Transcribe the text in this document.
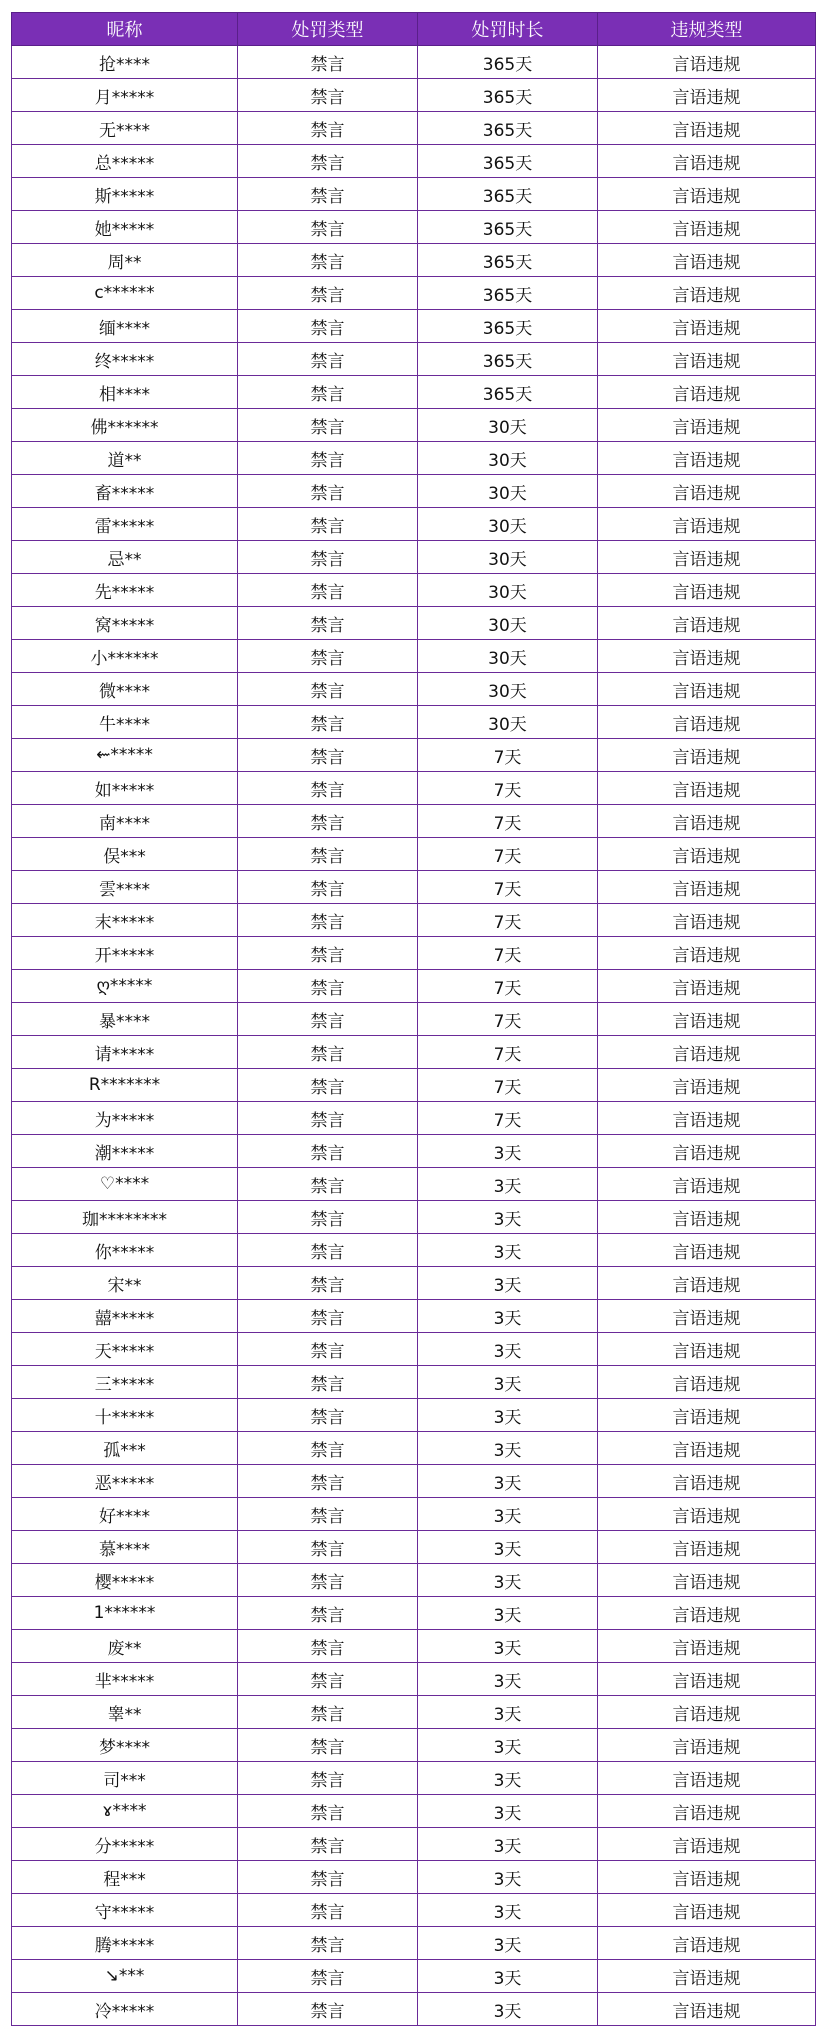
昵称	处罚类型	处罚时长	违规类型
抢****	禁言	365天	言语违规
月*****	禁言	365天	言语违规
无****	禁言	365天	言语违规
总*****	禁言	365天	言语违规
斯*****	禁言	365天	言语违规
她*****	禁言	365天	言语违规
周**	禁言	365天	言语违规
c******	禁言	365天	言语违规
缅****	禁言	365天	言语违规
终*****	禁言	365天	言语违规
相****	禁言	365天	言语违规
佛******	禁言	30天	言语违规
道**	禁言	30天	言语违规
畜*****	禁言	30天	言语违规
雷*****	禁言	30天	言语违规
忌**	禁言	30天	言语违规
先*****	禁言	30天	言语违规
窝*****	禁言	30天	言语违规
小******	禁言	30天	言语违规
微****	禁言	30天	言语违规
牛****	禁言	30天	言语违规
⇜*****	禁言	7天	言语违规
如*****	禁言	7天	言语违规
南****	禁言	7天	言语违规
俣***	禁言	7天	言语违规
雲****	禁言	7天	言语违规
末*****	禁言	7天	言语违规
开*****	禁言	7天	言语违规
ღ*****	禁言	7天	言语违规
暴****	禁言	7天	言语违规
请*****	禁言	7天	言语违规
R*******	禁言	7天	言语违规
为*****	禁言	7天	言语违规
潮*****	禁言	3天	言语违规
♡****	禁言	3天	言语违规
珈********	禁言	3天	言语违规
你*****	禁言	3天	言语违规
宋**	禁言	3天	言语违规
囍*****	禁言	3天	言语违规
天*****	禁言	3天	言语违规
三*****	禁言	3天	言语违规
十*****	禁言	3天	言语违规
孤***	禁言	3天	言语违规
恶*****	禁言	3天	言语违规
好****	禁言	3天	言语违规
慕****	禁言	3天	言语违规
樱*****	禁言	3天	言语违规
1******	禁言	3天	言语违规
废**	禁言	3天	言语违规
芈*****	禁言	3天	言语违规
睾**	禁言	3天	言语违规
梦****	禁言	3天	言语违规
司***	禁言	3天	言语违规
ɤ****	禁言	3天	言语违规
分*****	禁言	3天	言语违规
程***	禁言	3天	言语违规
守*****	禁言	3天	言语违规
腾*****	禁言	3天	言语违规
↘***	禁言	3天	言语违规
冷*****	禁言	3天	言语违规
